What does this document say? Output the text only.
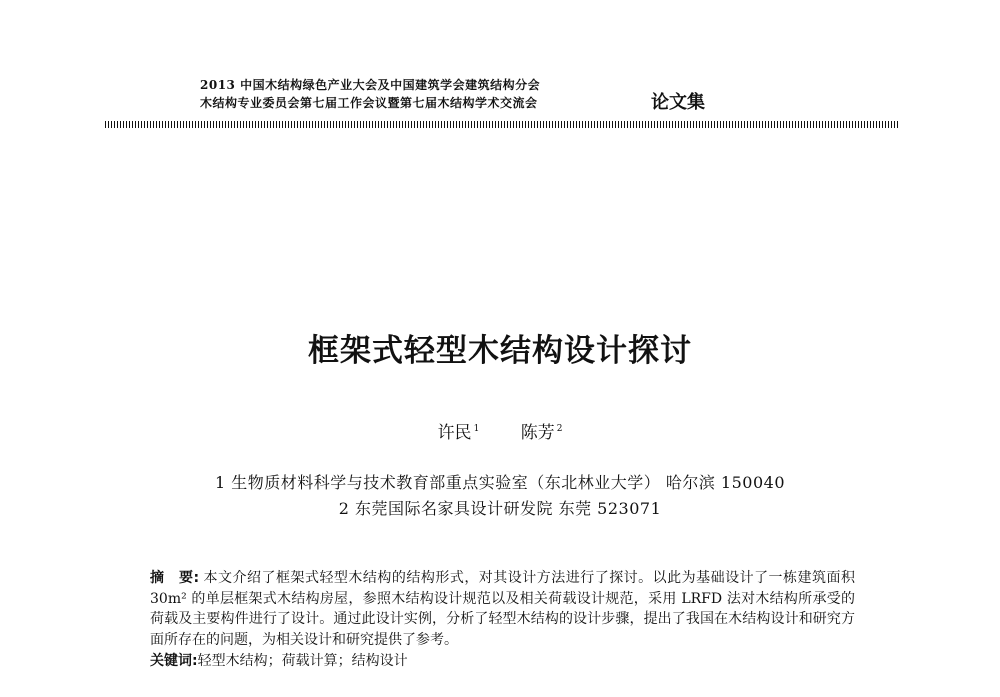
2013 中国木结构绿色产业大会及中国建筑学会建筑结构分会
木结构专业委员会第七届工作会议暨第七届木结构学术交流会	论文集
框架式轻型木结构设计探讨
许民 $^1$ 陈芳 $^2$
1 生物质材料科学与技术教育部重点实验室（东北林业大学） 哈尔滨 150040
2 东莞国际名家具设计研发院 东莞 523071
摘　要: 本文介绍了框架式轻型木结构的结构形式，对其设计方法进行了探讨。以此为基础设计了一栋建筑面积 30m² 的单层框架式木结构房屋，参照木结构设计规范以及相关荷载设计规范，采用 LRFD 法对木结构所承受的荷载及主要构件进行了设计。通过此设计实例，分析了轻型木结构的设计步骤，提出了我国在木结构设计和研究方面所存在的问题，为相关设计和研究提供了参考。
关键词:轻型木结构；荷载计算；结构设计
